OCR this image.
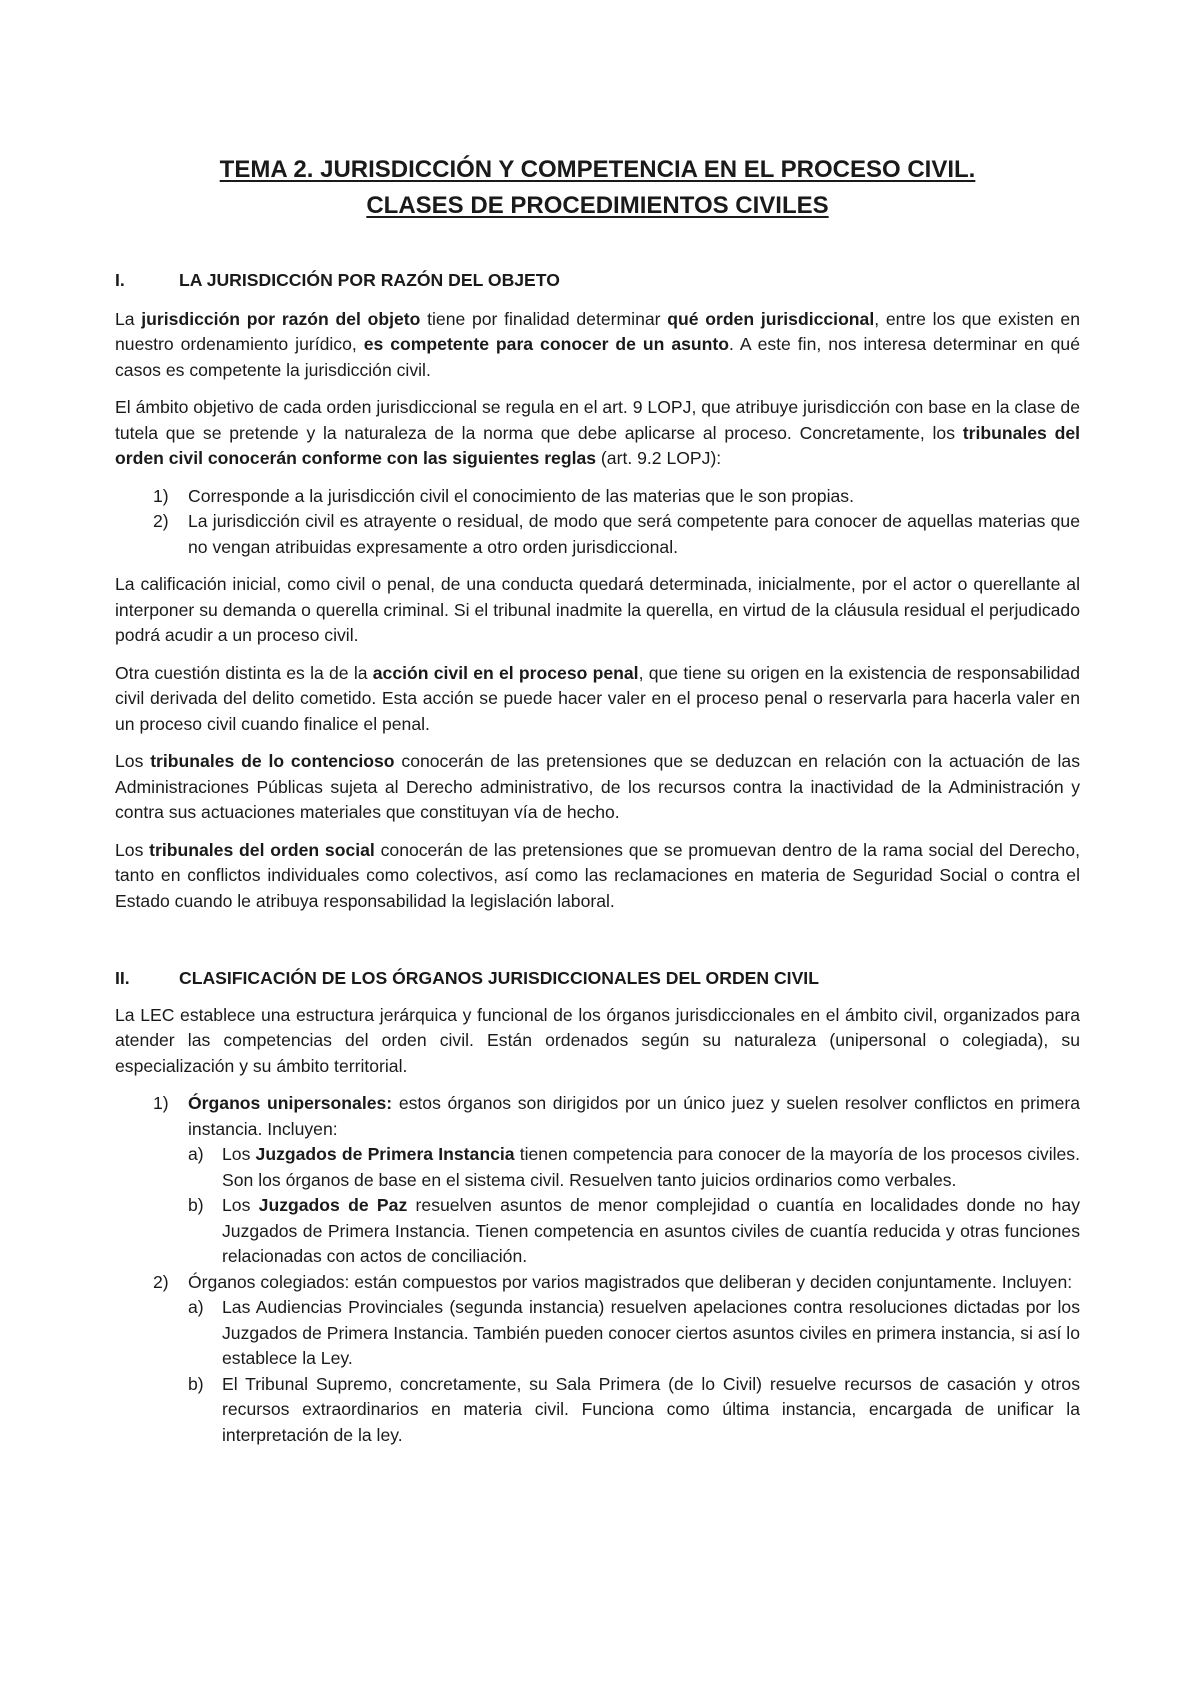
TEMA 2. JURISDICCIÓN Y COMPETENCIA EN EL PROCESO CIVIL.
CLASES DE PROCEDIMIENTOS CIVILES
I.	LA JURISDICCIÓN POR RAZÓN DEL OBJETO

La jurisdicción por razón del objeto tiene por finalidad determinar qué orden jurisdiccional, entre los que existen en nuestro ordenamiento jurídico, es competente para conocer de un asunto. A este fin, nos interesa determinar en qué casos es competente la jurisdicción civil.

El ámbito objetivo de cada orden jurisdiccional se regula en el art. 9 LOPJ, que atribuye jurisdicción con base en la clase de tutela que se pretende y la naturaleza de la norma que debe aplicarse al proceso. Concretamente, los tribunales del orden civil conocerán conforme con las siguientes reglas (art. 9.2 LOPJ):

1) Corresponde a la jurisdicción civil el conocimiento de las materias que le son propias.
2) La jurisdicción civil es atrayente o residual, de modo que será competente para conocer de aquellas materias que no vengan atribuidas expresamente a otro orden jurisdiccional.

La calificación inicial, como civil o penal, de una conducta quedará determinada, inicialmente, por el actor o querellante al interponer su demanda o querella criminal. Si el tribunal inadmite la querella, en virtud de la cláusula residual el perjudicado podrá acudir a un proceso civil.

Otra cuestión distinta es la de la acción civil en el proceso penal, que tiene su origen en la existencia de responsabilidad civil derivada del delito cometido. Esta acción se puede hacer valer en el proceso penal o reservarla para hacerla valer en un proceso civil cuando finalice el penal.

Los tribunales de lo contencioso conocerán de las pretensiones que se deduzcan en relación con la actuación de las Administraciones Públicas sujeta al Derecho administrativo, de los recursos contra la inactividad de la Administración y contra sus actuaciones materiales que constituyan vía de hecho.

Los tribunales del orden social conocerán de las pretensiones que se promuevan dentro de la rama social del Derecho, tanto en conflictos individuales como colectivos, así como las reclamaciones en materia de Seguridad Social o contra el Estado cuando le atribuya responsabilidad la legislación laboral.

II.	CLASIFICACIÓN DE LOS ÓRGANOS JURISDICCIONALES DEL ORDEN CIVIL

La LEC establece una estructura jerárquica y funcional de los órganos jurisdiccionales en el ámbito civil, organizados para atender las competencias del orden civil. Están ordenados según su naturaleza (unipersonal o colegiada), su especialización y su ámbito territorial.

1) Órganos unipersonales: estos órganos son dirigidos por un único juez y suelen resolver conflictos en primera instancia. Incluyen:
a) Los Juzgados de Primera Instancia tienen competencia para conocer de la mayoría de los procesos civiles. Son los órganos de base en el sistema civil. Resuelven tanto juicios ordinarios como verbales.
b) Los Juzgados de Paz resuelven asuntos de menor complejidad o cuantía en localidades donde no hay Juzgados de Primera Instancia. Tienen competencia en asuntos civiles de cuantía reducida y otras funciones relacionadas con actos de conciliación.
2) Órganos colegiados: están compuestos por varios magistrados que deliberan y deciden conjuntamente. Incluyen:
a) Las Audiencias Provinciales (segunda instancia) resuelven apelaciones contra resoluciones dictadas por los Juzgados de Primera Instancia. También pueden conocer ciertos asuntos civiles en primera instancia, si así lo establece la Ley.
b) El Tribunal Supremo, concretamente, su Sala Primera (de lo Civil) resuelve recursos de casación y otros recursos extraordinarios en materia civil. Funciona como última instancia, encargada de unificar la interpretación de la ley.
